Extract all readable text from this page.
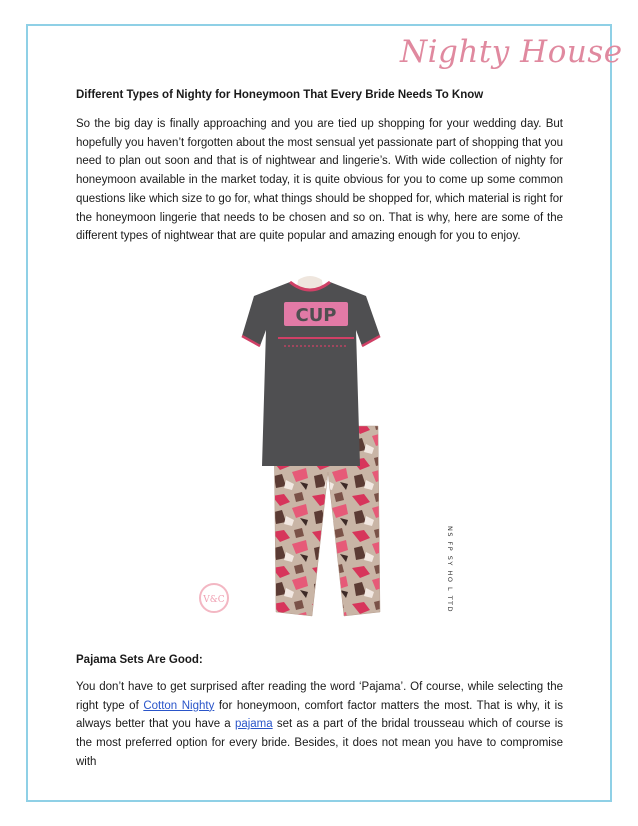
Nighty House
Different Types of Nighty for Honeymoon That Every Bride Needs To Know

So the big day is finally approaching and you are tied up shopping for your wedding day. But hopefully you haven’t forgotten about the most sensual yet passionate part of shopping that you need to plan out soon and that is of nightwear and lingerie’s. With wide collection of nighty for honeymoon available in the market today, it is quite obvious for you to come up some common questions like which size to go for, what things should be shopped for, which material is right for the honeymoon lingerie that needs to be chosen and so on. That is why, here are some of the different types of nightwear that are quite popular and amazing enough for you to enjoy.

CUP
V&C	NS FP SY HO L TTD
Pajama Sets Are Good:

You don’t have to get surprised after reading the word ‘Pajama’. Of course, while selecting the right type of Cotton Nighty for honeymoon, comfort factor matters the most. That is why, it is always better that you have a pajama set as a part of the bridal trousseau which of course is the most preferred option for every bride. Besides, it does not mean you have to compromise with
